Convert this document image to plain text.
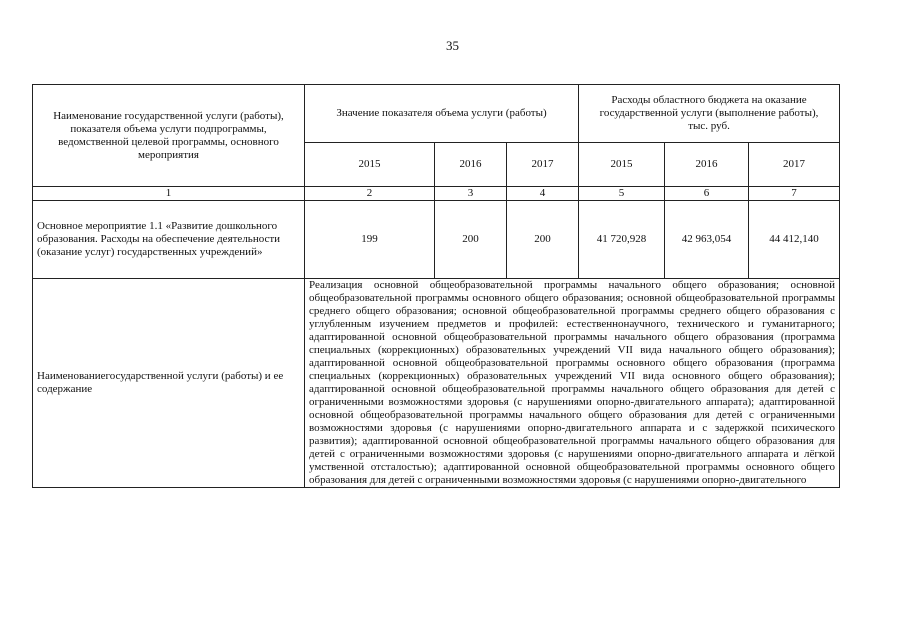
35
Наименование государственной услуги (работы), показателя объема услуги подпрограммы, ведомственной целевой программы, основного мероприятия	Значение показателя объема услуги (работы)			Расходы областного бюджета на оказание государственной услуги (выполнение работы),
тыс. руб.		
	2015	2016	2017	2015	2016	2017
1	2	3	4	5	6	7
Основное мероприятие 1.1 «Развитие дошкольного образования. Расходы на обеспечение деятельности (оказание услуг) государственных учреждений»	199	200	200	41 720,928	42 963,054	44 412,140
Наименованиегосударственной услуги (работы) и ее содержание	Реализация основной общеобразовательной программы начального общего образования; основной общеобразовательной программы основного общего образования; основной общеобразовательной программы среднего общего образования; основной общеобразовательной программы среднего общего образования с углубленным изучением предметов и профилей: естественнонаучного, технического и гуманитарного; адаптированной основной общеобразовательной программы начального общего образования (программа специальных (коррекционных) образовательных учреждений VII вида начального общего образования); адаптированной основной общеобразовательной программы основного общего образования (программа специальных (коррекционных) образовательных учреждений VII вида основного общего образования); адаптированной основной общеобразовательной программы начального общего образования для детей с ограниченными возможностями здоровья (с нарушениями опорно-двигательного аппарата); адаптированной основной общеобразовательной программы начального общего образования для детей с ограниченными возможностями здоровья (с нарушениями опорно-двигательного аппарата и с задержкой психического развития); адаптированной основной общеобразовательной программы начального общего образования для детей с ограниченными возможностями здоровья (с нарушениями опорно-двигательного аппарата и лёгкой умственной отсталостью); адаптированной основной общеобразовательной программы основного общего образования для детей с ограниченными возможностями здоровья (с нарушениями опорно-двигательного					
